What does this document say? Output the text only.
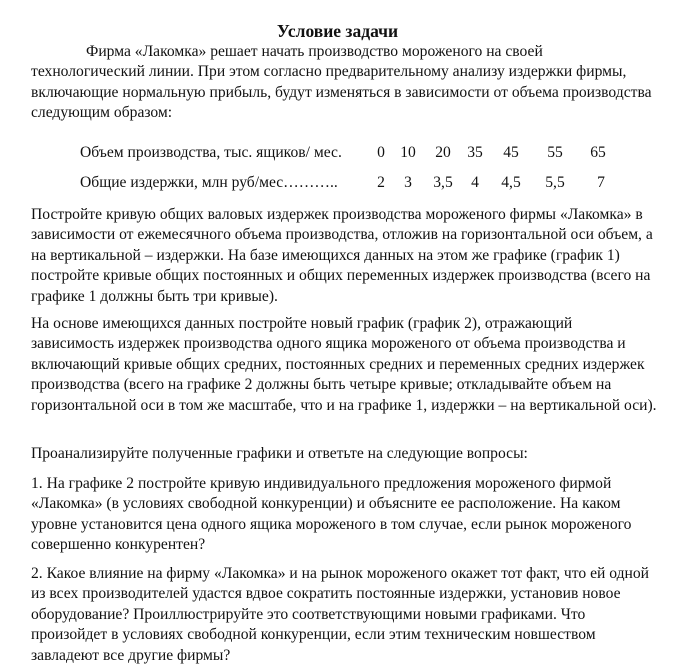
Условие задачи

Фирма «Лакомка» решает начать производство мороженого на своей технологический линии. При этом согласно предварительному анализу издержки фирмы, включающие нормальную прибыль, будут изменяться в зависимости от объема производства следующим образом:

Объем производства, тыс. ящиков/ мес. 0 10 20 35 45 55 65
Общие издержки, млн руб/мес………..	2 3 3,5 4 4,5 5,5 7

Постройте кривую общих валовых издержек производства мороженого фирмы «Лакомка» в зависимости от ежемесячного объема производства, отложив на горизонтальной оси объем, а на вертикальной – издержки. На базе имеющихся данных на этом же графике (график 1) постройте кривые общих постоянных и общих переменных издержек производства (всего на графике 1 должны быть три кривые).

На основе имеющихся данных постройте новый график (график 2), отражающий зависимость издержек производства одного ящика мороженого от объема производства и включающий кривые общих средних, постоянных средних и переменных средних издержек производства (всего на графике 2 должны быть четыре кривые; откладывайте объем на горизонтальной оси в том же масштабе, что и на графике 1, издержки – на вертикальной оси).

Проанализируйте полученные графики и ответьте на следующие вопросы:

1. На графике 2 постройте кривую индивидуального предложения мороженого фирмой «Лакомка» (в условиях свободной конкуренции) и объясните ее расположение. На каком уровне установится цена одного ящика мороженого в том случае, если рынок мороженого совершенно конкурентен?

2. Какое влияние на фирму «Лакомка» и на рынок мороженого окажет тот факт, что ей одной из всех производителей удастся вдвое сократить постоянные издержки, установив новое оборудование? Проиллюстрируйте это соответствующими новыми графиками. Что произойдет в условиях свободной конкуренции, если этим техническим новшеством завладеют все другие фирмы?
